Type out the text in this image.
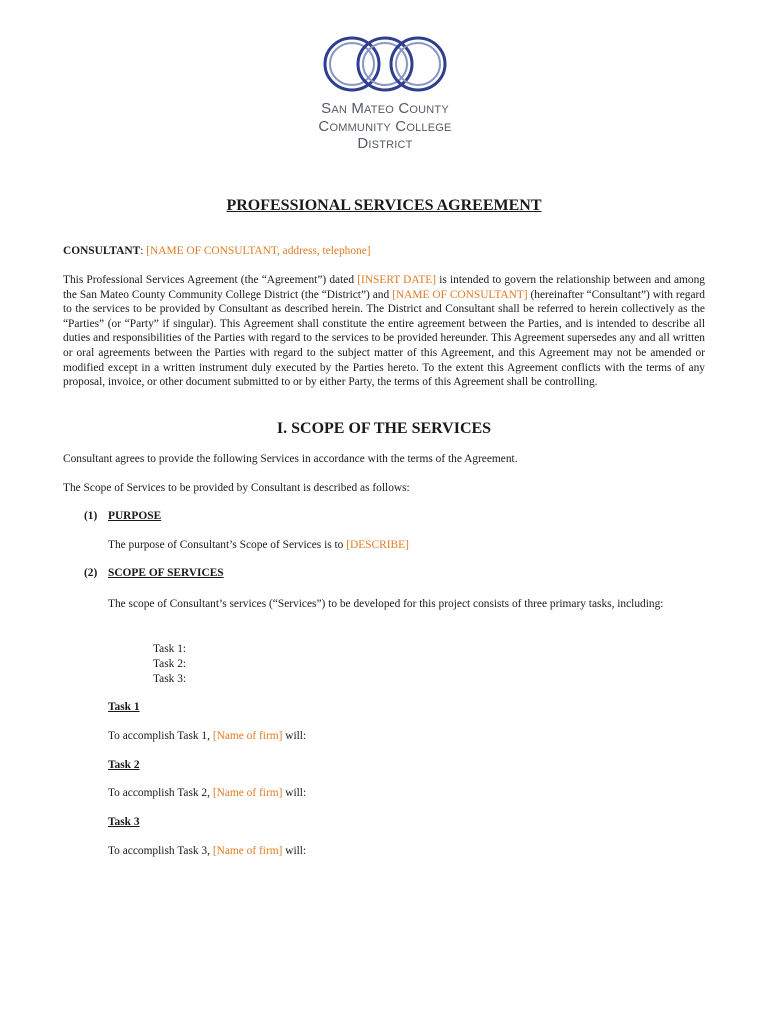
San Mateo County
Community College District
PROFESSIONAL SERVICES AGREEMENT
CONSULTANT: [NAME OF CONSULTANT, address, telephone]
This Professional Services Agreement (the “Agreement”) dated [INSERT DATE] is intended to govern the relationship between and among the San Mateo County Community College District (the “District”) and [NAME OF CONSULTANT] (hereinafter “Consultant”) with regard to the services to be provided by Consultant as described herein. The District and Consultant shall be referred to herein collectively as the “Parties” (or “Party” if singular). This Agreement shall constitute the entire agreement between the Parties, and is intended to describe all duties and responsibilities of the Parties with regard to the services to be provided hereunder. This Agreement supersedes any and all written or oral agreements between the Parties with regard to the subject matter of this Agreement, and this Agreement may not be amended or modified except in a written instrument duly executed by the Parties hereto. To the extent this Agreement conflicts with the terms of any proposal, invoice, or other document submitted to or by either Party, the terms of this Agreement shall be controlling.
I. SCOPE OF THE SERVICES
Consultant agrees to provide the following Services in accordance with the terms of the Agreement.
The Scope of Services to be provided by Consultant is described as follows:
(1) PURPOSE
The purpose of Consultant’s Scope of Services is to [DESCRIBE]
(2) SCOPE OF SERVICES
The scope of Consultant’s services (“Services”) to be developed for this project consists of three primary tasks, including:
Task 1:
Task 2:
Task 3:
Task 1
To accomplish Task 1, [Name of firm] will:
Task 2
To accomplish Task 2, [Name of firm] will:
Task 3
To accomplish Task 3, [Name of firm] will:
